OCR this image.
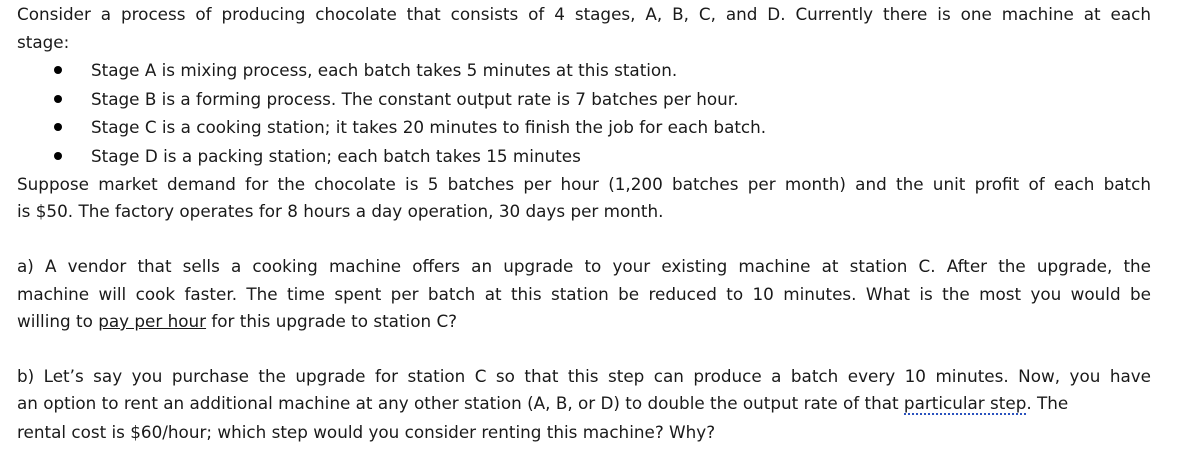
Consider a process of producing chocolate that consists of 4 stages, A, B, C, and D. Currently there is one machine at each
stage:
Stage A is mixing process, each batch takes 5 minutes at this station.
Stage B is a forming process. The constant output rate is 7 batches per hour.
Stage C is a cooking station; it takes 20 minutes to finish the job for each batch.
Stage D is a packing station; each batch takes 15 minutes
Suppose market demand for the chocolate is 5 batches per hour (1,200 batches per month) and the unit profit of each batch
is $50. The factory operates for 8 hours a day operation, 30 days per month.
a) A vendor that sells a cooking machine offers an upgrade to your existing machine at station C. After the upgrade, the
machine will cook faster. The time spent per batch at this station be reduced to 10 minutes. What is the most you would be
willing to pay per hour for this upgrade to station C?
b) Let’s say you purchase the upgrade for station C so that this step can produce a batch every 10 minutes. Now, you have
an option to rent an additional machine at any other station (A, B, or D) to double the output rate of that particular step. The
rental cost is $60/hour; which step would you consider renting this machine? Why?
